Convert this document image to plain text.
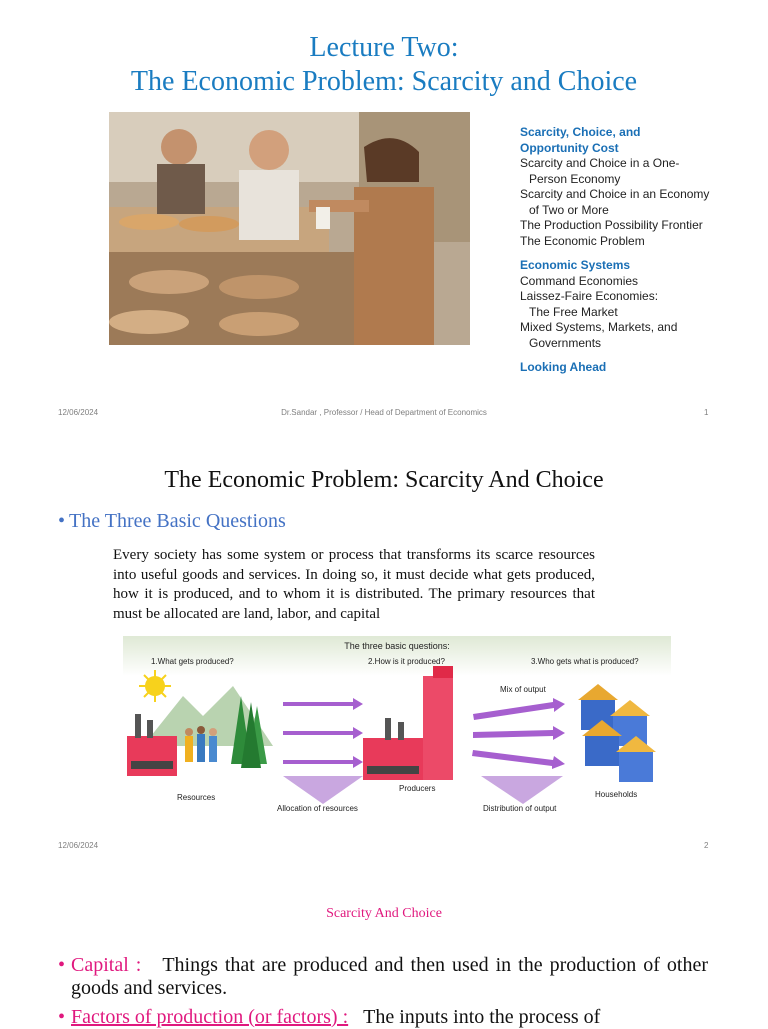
Lecture Two:
The Economic Problem: Scarcity and Choice
Scarcity, Choice, and
Opportunity Cost
Scarcity and Choice in a One-
Person Economy
Scarcity and Choice in an Economy
of Two or More
The Production Possibility Frontier
The Economic Problem
Economic Systems
Command Economies
Laissez-Faire Economies:
The Free Market
Mixed Systems, Markets, and
Governments
Looking Ahead
12/06/2024	Dr.Sandar , Professor / Head of Department of Economics	1
The Economic Problem: Scarcity And Choice
• The Three Basic Questions
Every society has some system or process that transforms its scarce resources into useful goods and services. In doing so, it must decide what gets produced, how it is produced, and to whom it is distributed. The primary resources that must be allocated are land, labor, and capital
The three basic questions:
1.What gets produced?	2.How is it produced?	3.Who gets what is produced?
Mix of output
Resources
Allocation of resources
Producers
Distribution of output
Households
12/06/2024	2
Scarcity And Choice
• Capital : Things that are produced and then used in the production of other goods and services.
• Factors of production (or factors) : The inputs into the process of
